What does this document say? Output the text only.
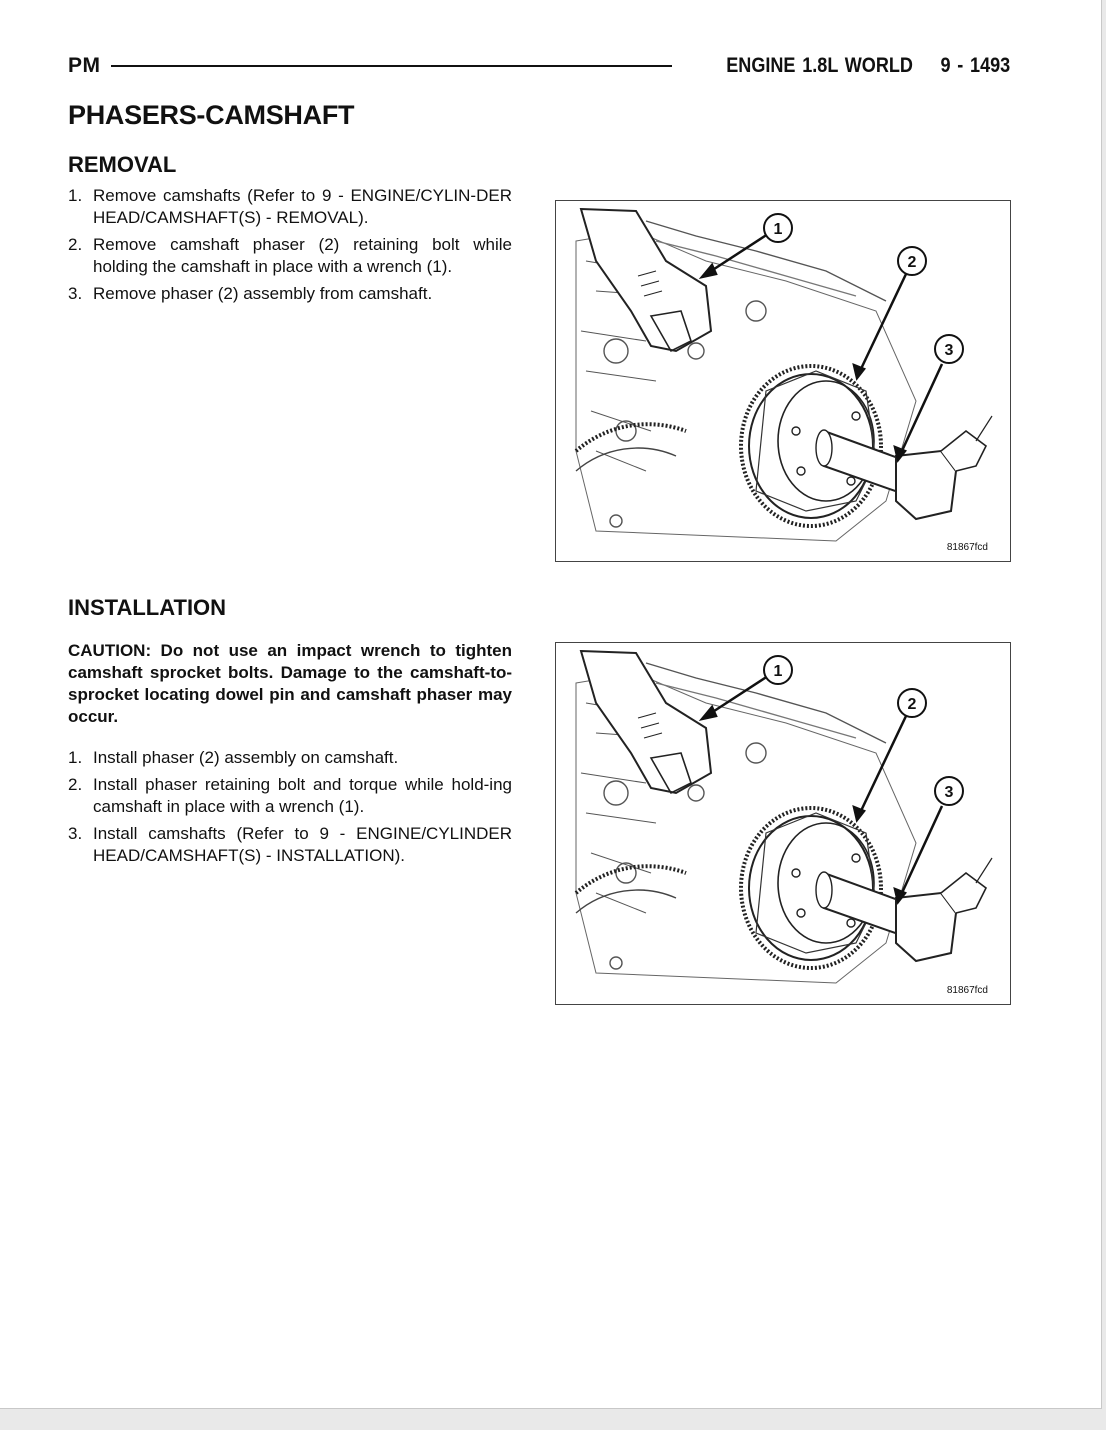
PM	ENGINE 1.8L WORLD 9 - 1493
PHASERS-CAMSHAFT
REMOVAL
1. Remove camshafts (Refer to 9 - ENGINE/CYLIN-DER HEAD/CAMSHAFT(S) - REMOVAL).
2. Remove camshaft phaser (2) retaining bolt while holding the camshaft in place with a wrench (1).
3. Remove phaser (2) assembly from camshaft.
1
2
3
81867fcd
INSTALLATION

CAUTION: Do not use an impact wrench to tighten camshaft sprocket bolts. Damage to the camshaft-to-sprocket locating dowel pin and camshaft phaser may occur.

1. Install phaser (2) assembly on camshaft.
2. Install phaser retaining bolt and torque while hold-ing camshaft in place with a wrench (1).
3. Install camshafts (Refer to 9 - ENGINE/CYLINDER HEAD/CAMSHAFT(S) - INSTALLATION).
1
2
3
81867fcd
